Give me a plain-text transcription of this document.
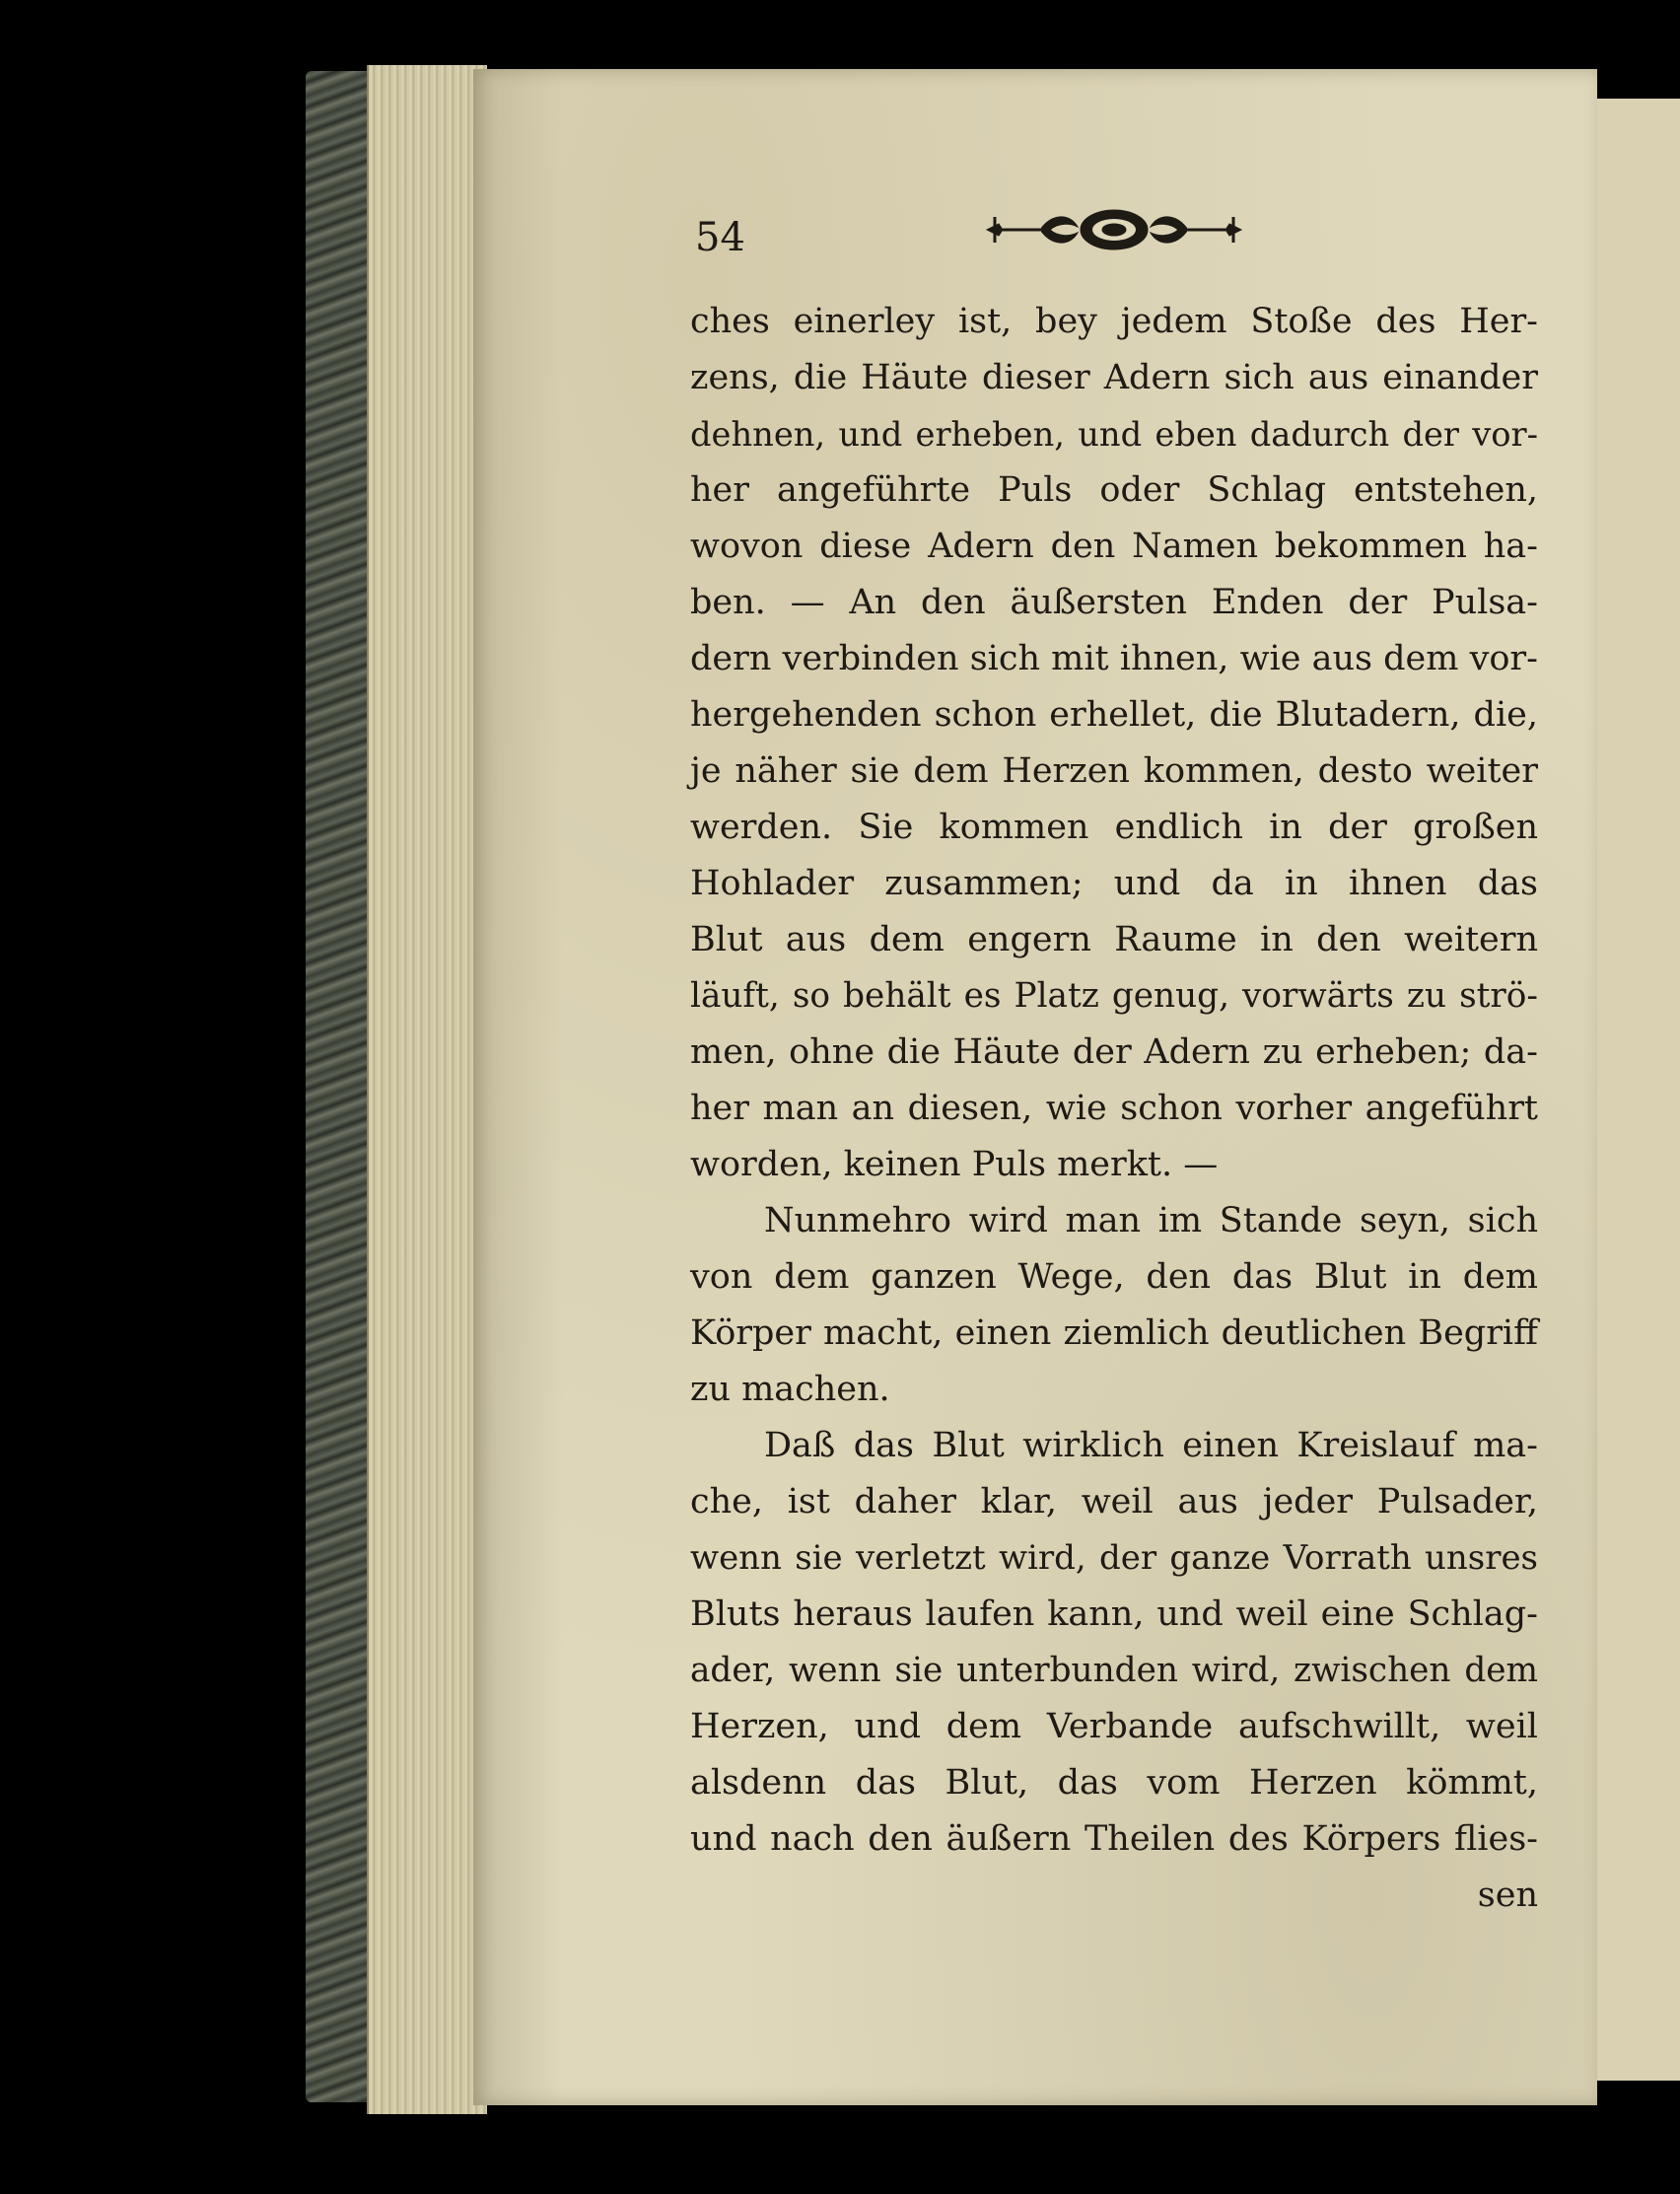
54
ches einerley ist, bey jedem Stoße des Her-
zens, die Häute dieser Adern sich aus einander
dehnen, und erheben, und eben dadurch der vor-
her angeführte Puls oder Schlag entstehen,
wovon diese Adern den Namen bekommen ha-
ben. — An den äußersten Enden der Pulsa-
dern verbinden sich mit ihnen, wie aus dem vor-
hergehenden schon erhellet, die Blutadern, die,
je näher sie dem Herzen kommen, desto weiter
werden. Sie kommen endlich in der großen
Hohlader zusammen; und da in ihnen das
Blut aus dem engern Raume in den weitern
läuft, so behält es Platz genug, vorwärts zu strö-
men, ohne die Häute der Adern zu erheben; da-
her man an diesen, wie schon vorher angeführt
worden, keinen Puls merkt. —
Nunmehro wird man im Stande seyn, sich
von dem ganzen Wege, den das Blut in dem
Körper macht, einen ziemlich deutlichen Begriff
zu machen.
Daß das Blut wirklich einen Kreislauf ma-
che, ist daher klar, weil aus jeder Pulsader,
wenn sie verletzt wird, der ganze Vorrath unsres
Bluts heraus laufen kann, und weil eine Schlag-
ader, wenn sie unterbunden wird, zwischen dem
Herzen, und dem Verbande aufschwillt, weil
alsdenn das Blut, das vom Herzen kömmt,
und nach den äußern Theilen des Körpers flies-
sen
